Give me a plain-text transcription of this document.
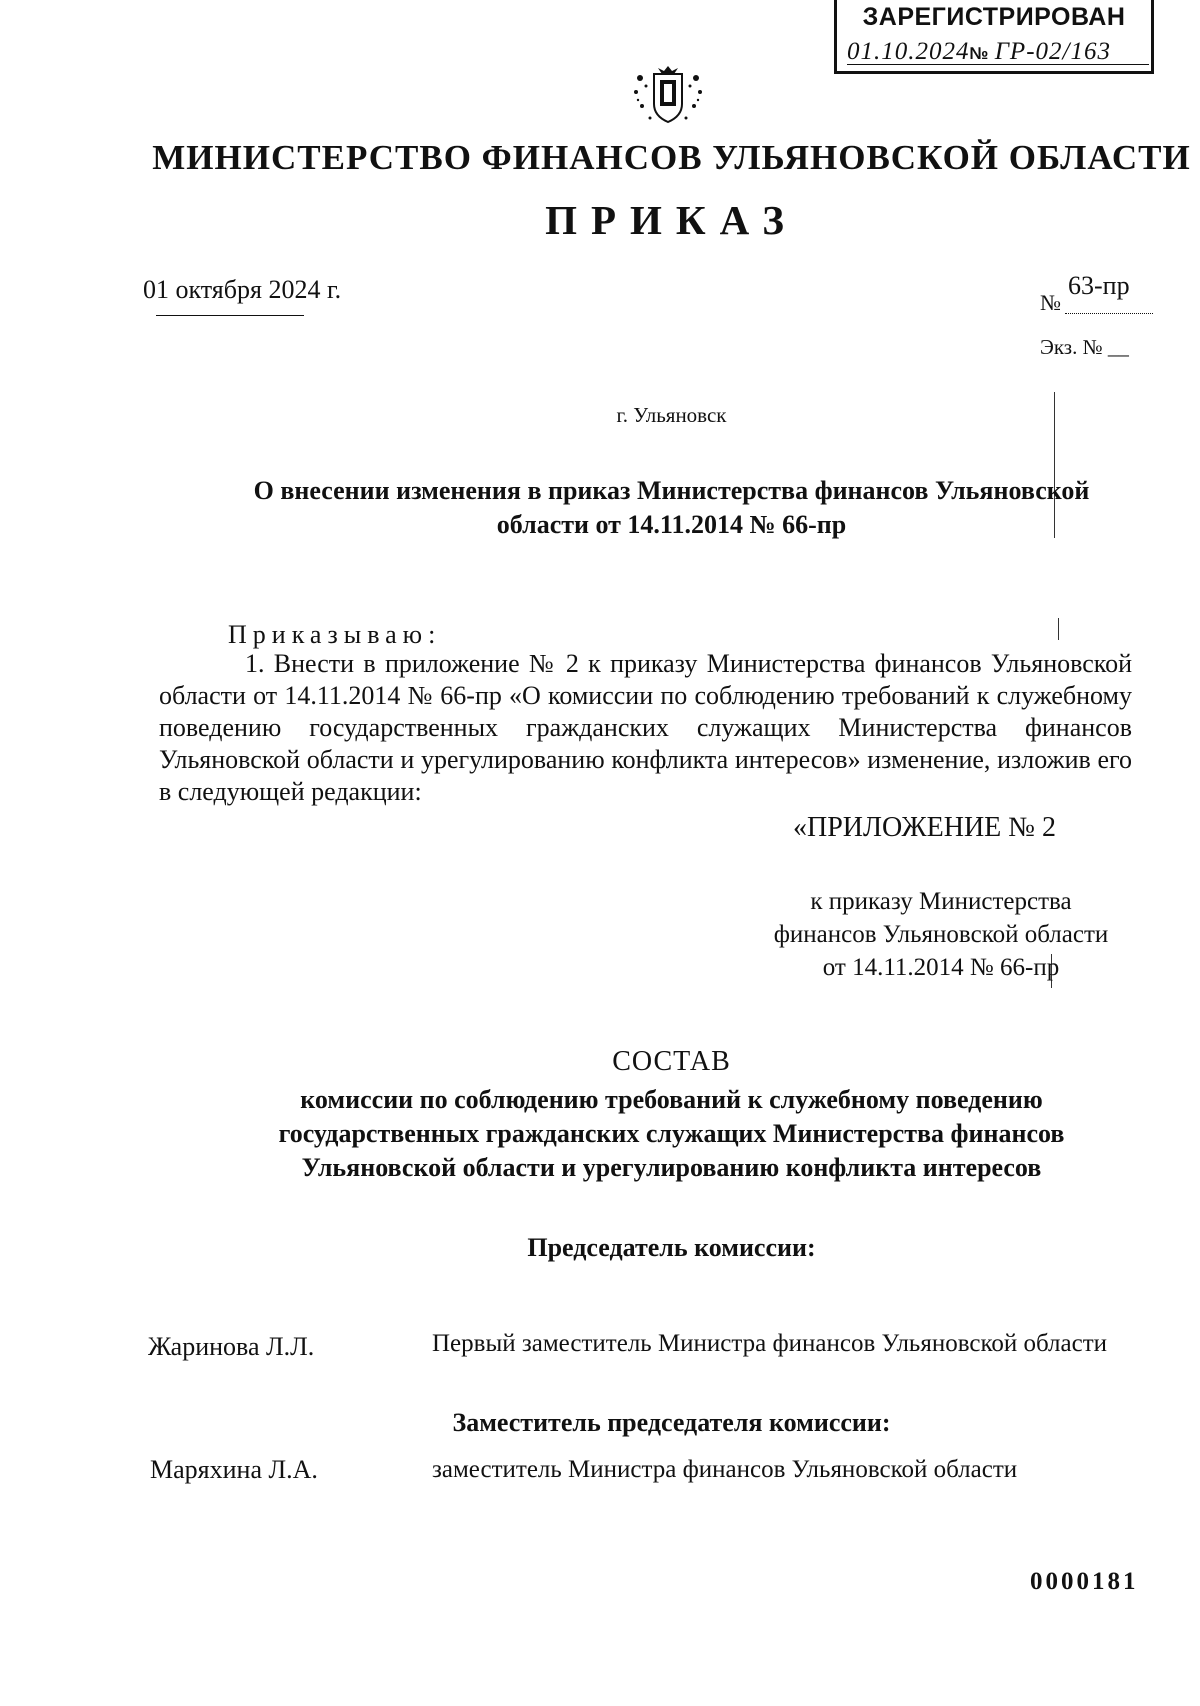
ЗАРЕГИСТРИРОВАН
01.10.2024№ ГР-02/163
МИНИСТЕРСТВО ФИНАНСОВ УЛЬЯНОВСКОЙ ОБЛАСТИ
ПРИКАЗ
01 октября 2024 г.	№
63-пр
Экз. № __
г. Ульяновск
О внесении изменения в приказ Министерства финансов Ульяновской
области от 14.11.2014 № 66-пр
Приказываю:
1. Внести в приложение № 2 к приказу Министерства финансов Ульяновской области от 14.11.2014 № 66-пр «О комиссии по соблюдению требований к служебному поведению государственных гражданских служащих Министерства финансов Ульяновской области и урегулированию конфликта интересов» изменение, изложив его в следующей редакции:
«ПРИЛОЖЕНИЕ № 2
к приказу Министерства
финансов Ульяновской области
от 14.11.2014 № 66-пр
СОСТАВ
комиссии по соблюдению требований к служебному поведению
государственных гражданских служащих Министерства финансов
Ульяновской области и урегулированию конфликта интересов
Председатель комиссии:
Жаринова Л.Л.	Первый заместитель Министра финансов Ульяновской области
Заместитель председателя комиссии:
Маряхина Л.А.	заместитель Министра финансов Ульяновской области
0000181
